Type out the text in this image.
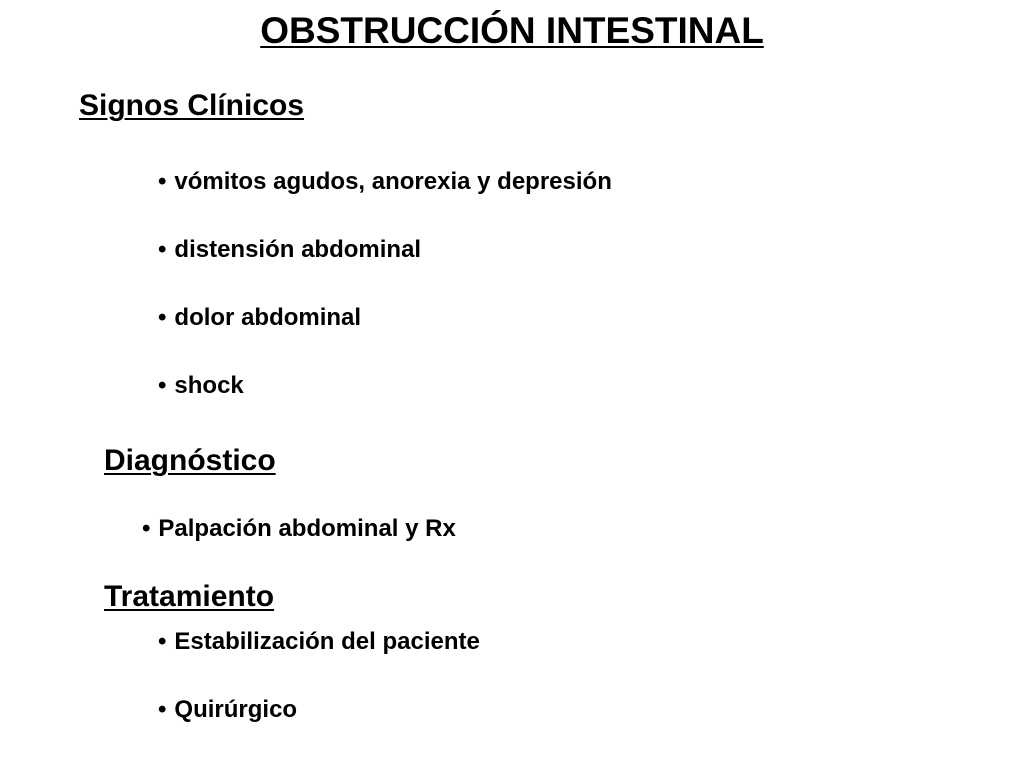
OBSTRUCCIÓN INTESTINAL
Signos Clínicos

• vómitos agudos, anorexia y depresión

• distensión abdominal

• dolor abdominal

• shock

Diagnóstico

• Palpación abdominal y Rx

Tratamiento

• Estabilización del paciente

• Quirúrgico
